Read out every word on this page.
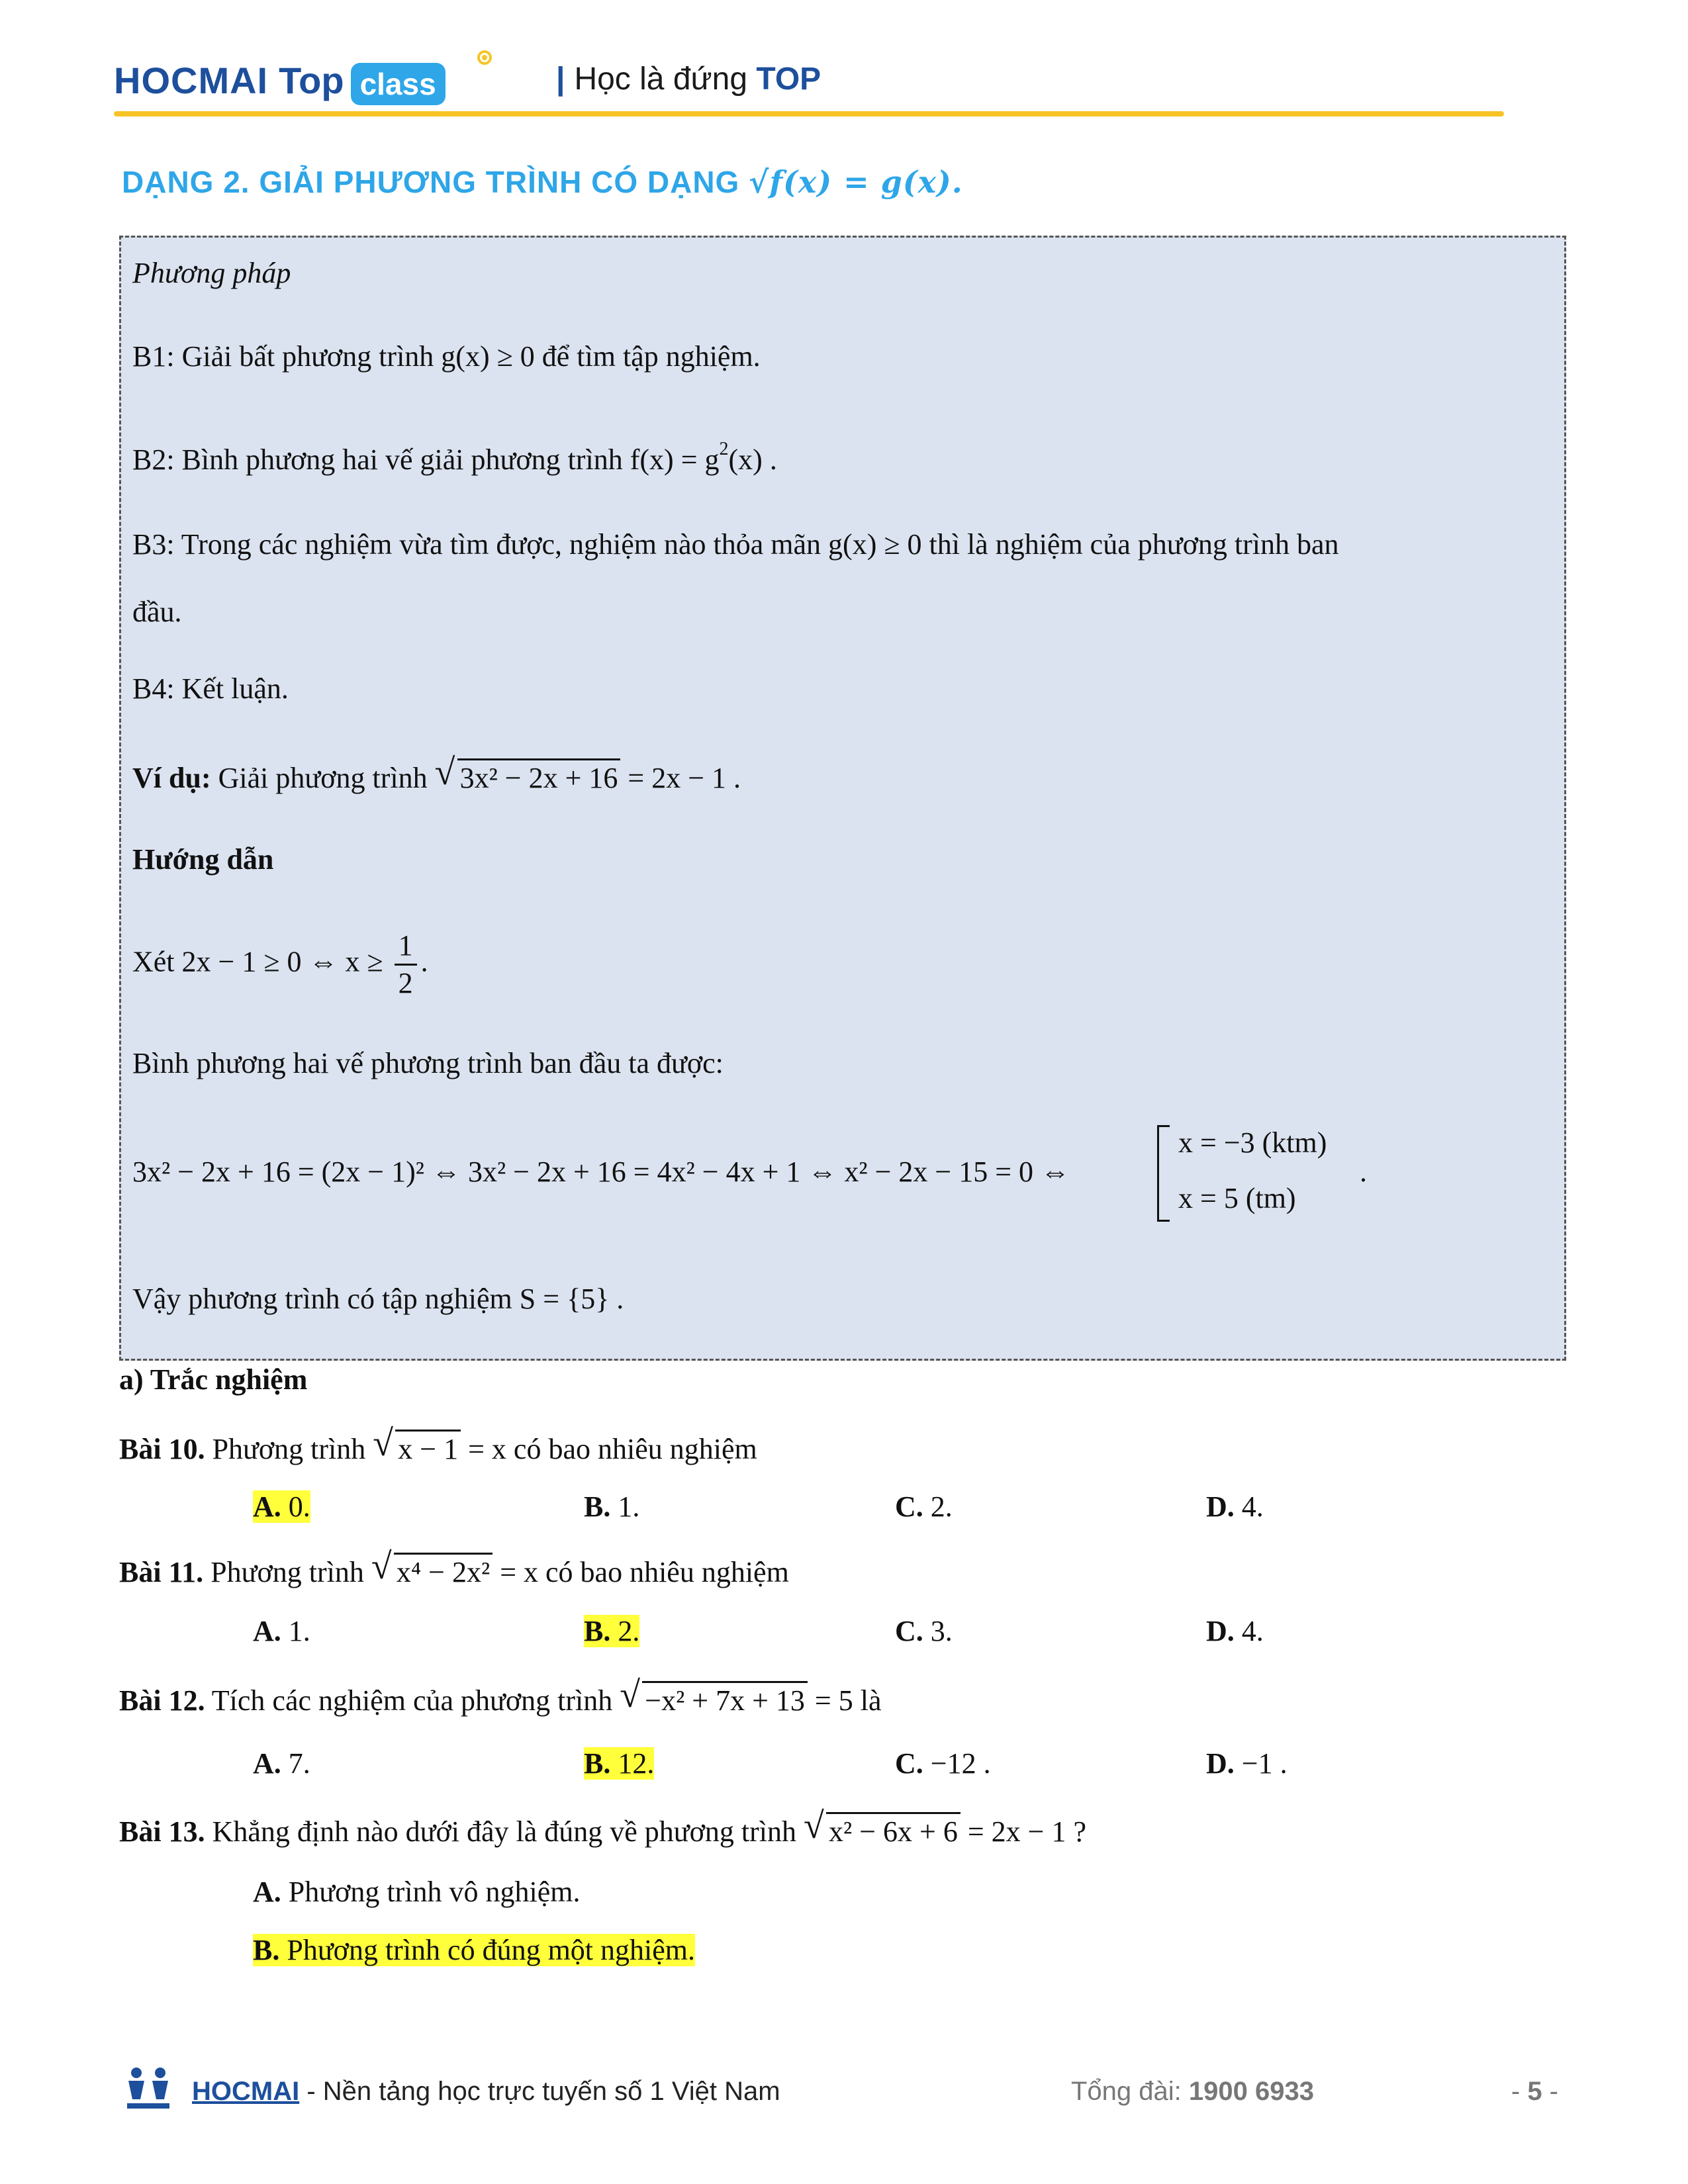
HOCMAI Top class	| Học là đứng TOP
DẠNG 2. GIẢI PHƯƠNG TRÌNH CÓ DẠNG √f(x) = g(x).
Phương pháp
B1: Giải bất phương trình g(x) ≥ 0 để tìm tập nghiệm.
B2: Bình phương hai vế giải phương trình $f(x) = g^2(x)$ .
B3: Trong các nghiệm vừa tìm được, nghiệm nào thỏa mãn g(x) ≥ 0 thì là nghiệm của phương trình ban
đầu.
B4: Kết luận.
Ví dụ: Giải phương trình √ 3x² − 2x + 16 = 2x − 1 .
Hướng dẫn
Xét 2x − 1 ≥ 0 ⇔ $x \ge \frac{1}{2}$ .
Bình phương hai vế phương trình ban đầu ta được:
3x² − 2x + 16 = (2x − 1)² ⇔ 3x² − 2x + 16 = 4x² − 4x + 1 ⇔ x² − 2x − 15 = 0 ⇔
x = −3 (ktm)
x = 5 (tm)
.
Vậy phương trình có tập nghiệm S = {5} .
a) Trắc nghiệm
Bài 10. Phương trình √ x − 1 = x có bao nhiêu nghiệm
A. 0.	B. 1.	C. 2.	D. 4.
Bài 11. Phương trình √ x⁴ − 2x² = x có bao nhiêu nghiệm
A. 1.	B. 2.	C. 3.	D. 4.
Bài 12. Tích các nghiệm của phương trình √ −x² + 7x + 13 = 5 là
A. 7.	B. 12.	C. −12 .	D. −1 .
Bài 13. Khẳng định nào dưới đây là đúng về phương trình √ x² − 6x + 6 = 2x − 1 ?
A. Phương trình vô nghiệm.
B. Phương trình có đúng một nghiệm.
HOCMAI - Nền tảng học trực tuyến số 1 Việt Nam	Tổng đài: 1900 6933	- 5 -
